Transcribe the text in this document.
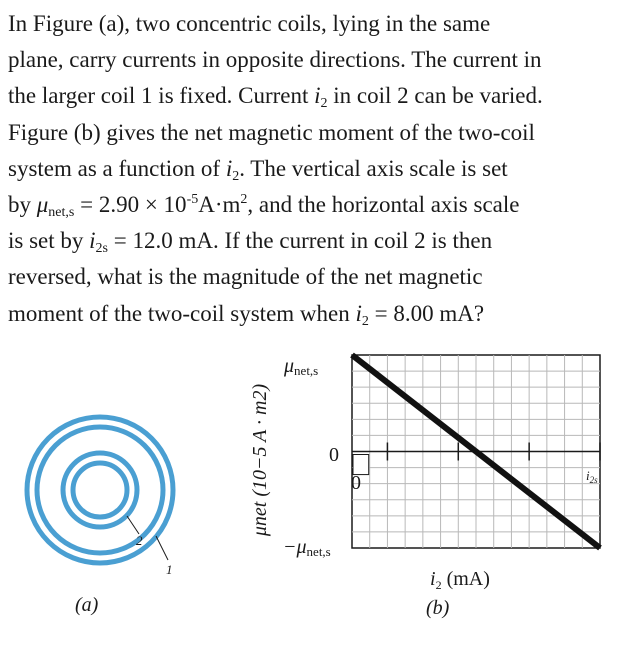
In Figure (a), two concentric coils, lying in the same
plane, carry currents in opposite directions. The current in
the larger coil 1 is fixed. Current $i_2$ in coil 2 can be varied.
Figure (b) gives the net magnetic moment of the two-coil
system as a function of $i_2$. The vertical axis scale is set
by $\mu_{net,s} = 2.90 \times 10^{-5}A\cdot m^2$, and the horizontal axis scale
is set by $i_{2s} = 12.0$ mA. If the current in coil 2 is then
reversed, what is the magnitude of the net magnetic
moment of the two-coil system when $i_2 = 8.00$ mA?
2
1
(a)
μnet (10−5 A · m2)
μnet,s
0
−μnet,s
0	$i_{2s}$
$i_2$ (mA)
(b)
